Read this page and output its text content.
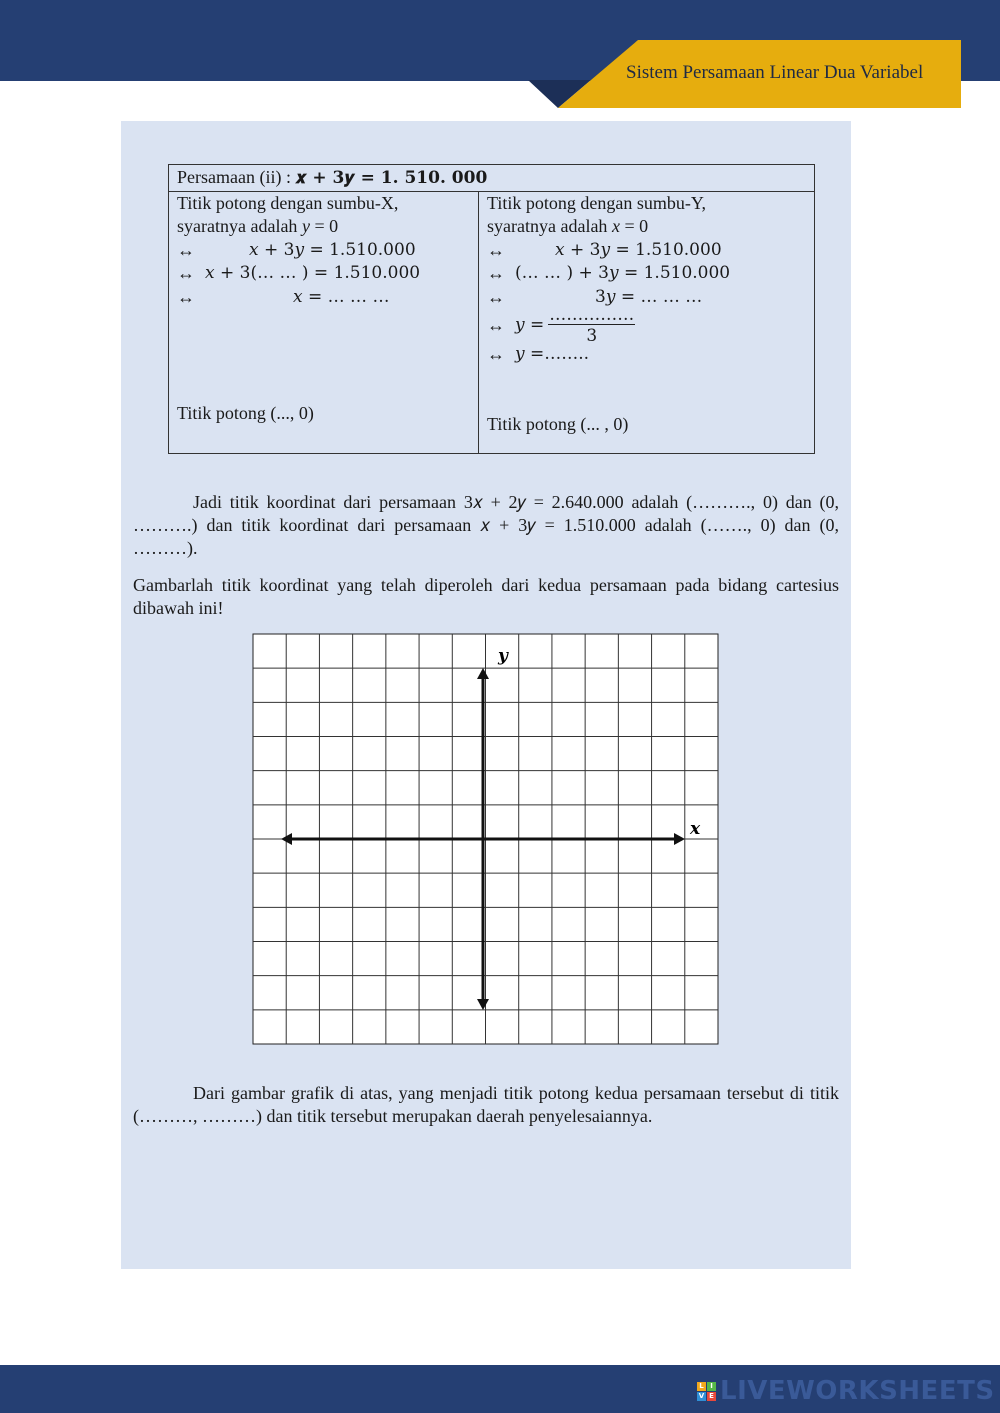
Sistem Persamaan Linear Dua Variabel
Persamaan (ii) : 𝒙 + 𝟑𝒚 = 𝟏. 𝟓𝟏𝟎. 𝟎𝟎𝟎

Titik potong dengan sumbu-X,
syaratnya adalah y = 0
↔	𝑥 + 3𝑦 = 1.510.000
↔ 𝑥 + 3(… … ) = 1.510.000
↔	𝑥 = … … …
Titik potong (..., 0)

Titik potong dengan sumbu-Y,
syaratnya adalah x = 0
↔	𝑥 + 3𝑦 = 1.510.000
↔ (… … ) + 3𝑦 = 1.510.000
↔	3𝑦 = … … …
↔ 𝑦 = $\frac{\dots\dots\dots\dots\dots}{3}$
↔ 𝑦 =……..
Titik potong (... , 0)
Jadi titik koordinat dari persamaan 3𝑥 + 2𝑦 = 2.640.000 adalah (………., 0) dan (0, ……….) dan titik koordinat dari persamaan 𝑥 + 3𝑦 = 1.510.000 adalah (……., 0) dan (0, ………).
Gambarlah titik koordinat yang telah diperoleh dari kedua persamaan pada bidang cartesius dibawah ini!
𝒙
𝒚
Dari gambar grafik di atas, yang menjadi titik potong kedua persamaan tersebut di titik (………, ………) dan titik tersebut merupakan daerah penyelesaiannya.
L I
V E LIVEWORKSHEETS
